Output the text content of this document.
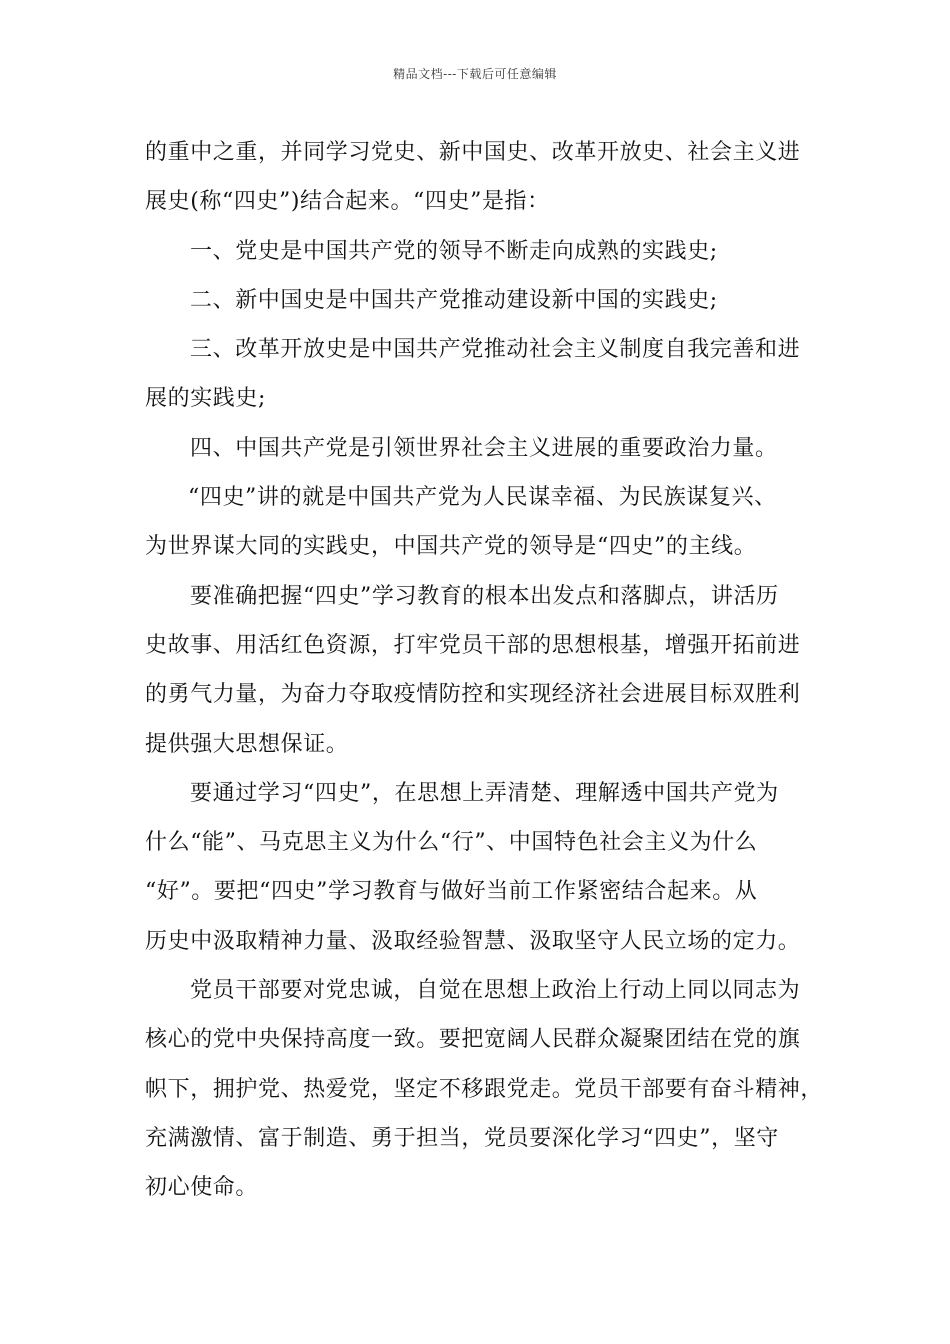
精品文档---下载后可任意编辑
的重中之重，并同学习党史、新中国史、改革开放史、社会主义进
展史(称“四史”)结合起来。“四史”是指：
一、党史是中国共产党的领导不断走向成熟的实践史;
二、新中国史是中国共产党推动建设新中国的实践史;
三、改革开放史是中国共产党推动社会主义制度自我完善和进
展的实践史;
四、中国共产党是引领世界社会主义进展的重要政治力量。
“四史”讲的就是中国共产党为人民谋幸福、为民族谋复兴、
为世界谋大同的实践史，中国共产党的领导是“四史”的主线。
要准确把握“四史”学习教育的根本出发点和落脚点，讲活历
史故事、用活红色资源，打牢党员干部的思想根基，增强开拓前进
的勇气力量，为奋力夺取疫情防控和实现经济社会进展目标双胜利
提供强大思想保证。
要通过学习“四史”，在思想上弄清楚、理解透中国共产党为
什么“能”、马克思主义为什么“行”、中国特色社会主义为什么
“好”。要把“四史”学习教育与做好当前工作紧密结合起来。从
历史中汲取精神力量、汲取经验智慧、汲取坚守人民立场的定力。
党员干部要对党忠诚，自觉在思想上政治上行动上同以同志为
核心的党中央保持高度一致。要把宽阔人民群众凝聚团结在党的旗
帜下，拥护党、热爱党，坚定不移跟党走。党员干部要有奋斗精神，
充满激情、富于制造、勇于担当，党员要深化学习“四史”，坚守
初心使命。
